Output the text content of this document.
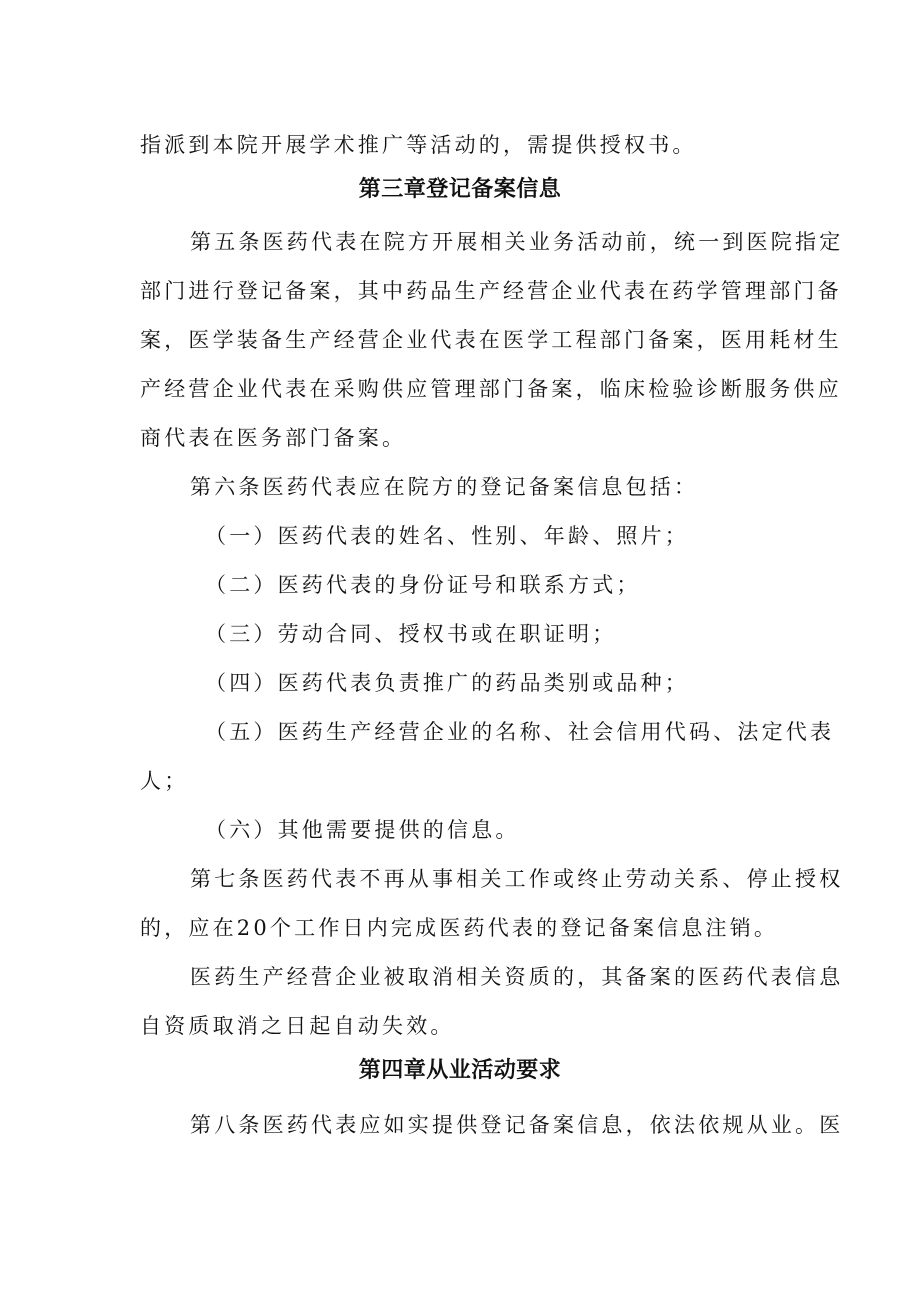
指派到本院开展学术推广等活动的，需提供授权书。
第三章登记备案信息
第五条医药代表在院方开展相关业务活动前，统一到医院指定
部门进行登记备案，其中药品生产经营企业代表在药学管理部门备
案，医学装备生产经营企业代表在医学工程部门备案，医用耗材生
产经营企业代表在采购供应管理部门备案，临床检验诊断服务供应
商代表在医务部门备案。
第六条医药代表应在院方的登记备案信息包括：
（一）医药代表的姓名、性别、年龄、照片；
（二）医药代表的身份证号和联系方式；
（三）劳动合同、授权书或在职证明；
（四）医药代表负责推广的药品类别或品种；
（五）医药生产经营企业的名称、社会信用代码、法定代表
人；
（六）其他需要提供的信息。
第七条医药代表不再从事相关工作或终止劳动关系、停止授权
的，应在20个工作日内完成医药代表的登记备案信息注销。
医药生产经营企业被取消相关资质的，其备案的医药代表信息
自资质取消之日起自动失效。
第四章从业活动要求
第八条医药代表应如实提供登记备案信息，依法依规从业。医
